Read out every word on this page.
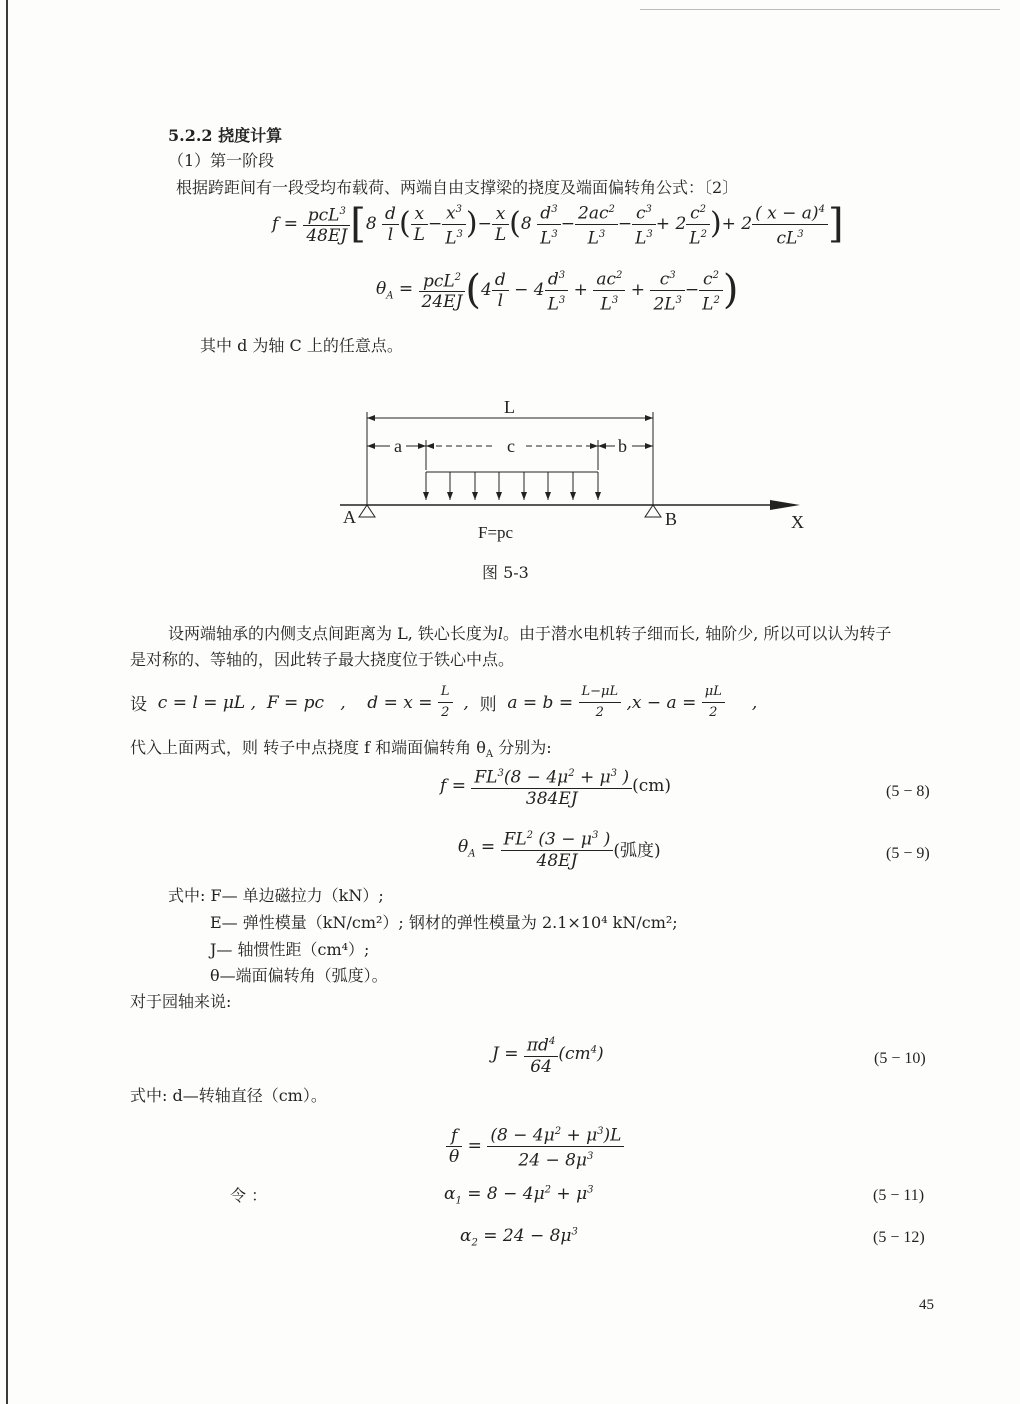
5.2.2 挠度计算
（1）第一阶段
根据跨距间有一段受均布载荷、两端自由支撑梁的挠度及端面偏转角公式：〔2〕
$f = \frac{pcL^3}{48EJ}$ [ $8 \frac{d}{l}$ ( $\frac{x}{L} - \frac{x^3}{L^3}$ ) − $\frac{x}{L}$ ( $8 \frac{d^3}{L^3} - \frac{2ac^2}{L^3} - \frac{c^3}{L^3} + 2 \frac{c^2}{L^2}$ ) + $2 \frac{( x - a)^4}{cL^3}$ ]
$\theta_A = \frac{pcL^2}{24EJ}$ ( $4 \frac{d}{l} - 4 \frac{d^3}{L^3} + \frac{ac^2}{L^3} + \frac{c^3}{2L^3} - \frac{c^2}{L^2}$ )
其中 d 为轴 C 上的任意点。
L
a	c	b
A	B	X
F=pc
图 5-3
设两端轴承的内侧支点间距离为 L, 铁心长度为l。由于潜水电机转子细而长, 轴阶少, 所以可以认为转子
是对称的、等轴的，因此转子最大挠度位于铁心中点。
设 c = l = μL ,  F = pc   ,    $d = x = \frac{L}{2}$ , 则 $a = b = \frac{L-\mu L}{2} ,x - a = \frac{\mu L}{2}$ ,
代入上面两式，则 转子中点挠度 f 和端面偏转角 $\theta_A$ 分别为:
$f = \frac{FL^3(8 - 4\mu^2 + \mu^3 )}{384EJ} (cm)$	(5 − 8)
$\theta_A = \frac{FL^2 (3 - \mu^3 )}{48EJ}$ (弧度)	(5 − 9)
式中: F— 单边磁拉力（kN）;
E— 弹性模量（kN/cm²）; 钢材的弹性模量为 2.1×10⁴ kN/cm²;
J— 轴惯性距（cm⁴）;
θ—端面偏转角（弧度）。
对于园轴来说:
$J = \frac{\pi d^4}{64} (cm^4)$	(5 − 10)
式中: d—转轴直径（cm）。
$\frac{f}{\theta} = \frac{(8 - 4\mu^2 + \mu^3)L}{24 - 8\mu^3}$
令 ：	$\alpha_1 = 8 - 4\mu^2 + \mu^3$	(5 − 11)
$\alpha_2 = 24 - 8\mu^3$	(5 − 12)
45
